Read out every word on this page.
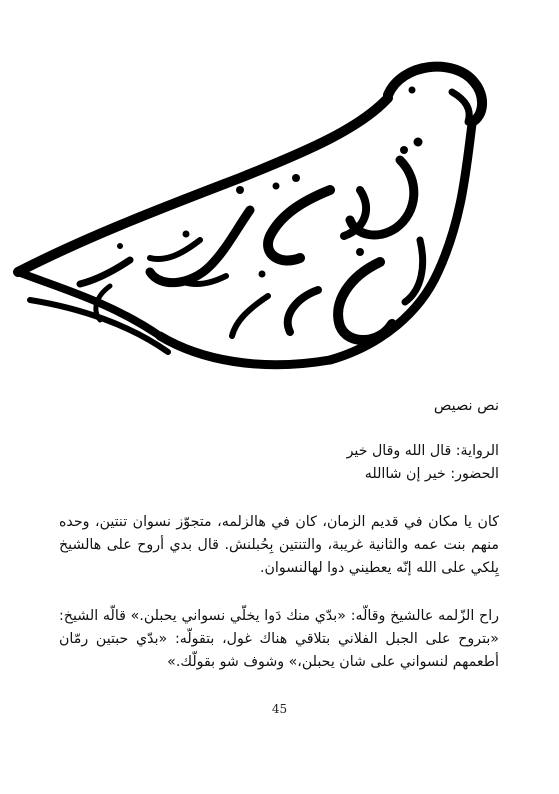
نص نصيص

الرواية: قال الله وقال خير

الحضور: خير إن شاالله

كان يا مكان في قديم الزمان، كان في هالزلمه، متجوّز نسوان تنتين، وحده منهم بنت عمه والثانية غريبة، والتنتين بِحُبلنش. قال بدي أروح على هالشيخ يِلكي على الله إنّه يعطيني دوا لهالنسوان.

راح الزّلمه عالشيخ وقالّه: «بدّي منك دَوا يخلّي نسواني يحبلن.» قالّه الشيخ: «بتروح على الجبل الفلاني بتلاقي هناك غول، بتقولّه: «بدّي حبتين رمّان أطعمهم لنسواني على شان يحبلن،» وشوف شو بقولّك.»

45
